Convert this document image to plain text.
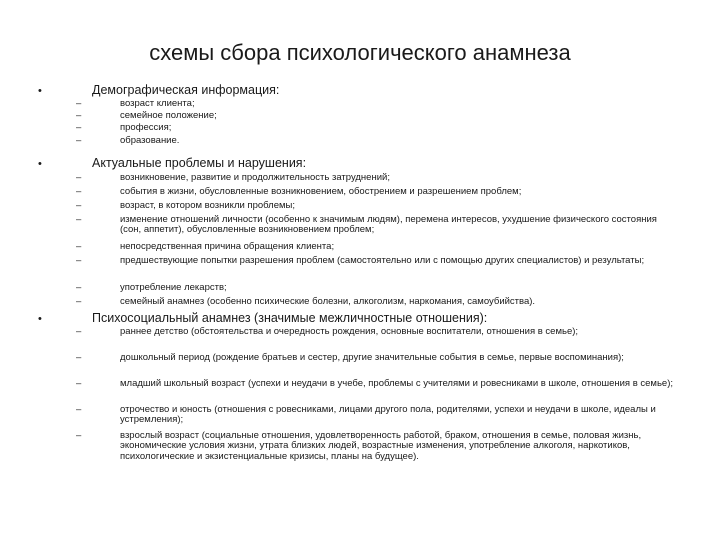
схемы сбора психологического анамнеза
•	Демографическая информация:
–	возраст клиента;
–	семейное положение;
–	профессия;
–	образование.
•	Актуальные проблемы и нарушения:
–	возникновение, развитие и продолжительность затруднений;
–	события в жизни, обусловленные возникновением, обострением и разрешением проблем;
–	возраст, в котором возникли проблемы;
–	изменение отношений личности (особенно к значимым людям), перемена интересов, ухудшение физического состояния (сон, аппетит), обусловленные возникновением проблем;
–	непосредственная причина обращения клиента;
–	предшествующие попытки разрешения проблем (самостоятельно или с помощью других специалистов) и результаты;
–	употребление лекарств;
–	семейный анамнез (особенно психические болезни, алкоголизм, наркомания, самоубийства).
•	Психосоциальный анамнез (значимые межличностные отношения):
–	раннее детство (обстоятельства и очередность рождения, основные воспитатели, отношения в семье);
–	дошкольный период (рождение братьев и сестер, другие значительные события в семье, первые воспоминания);
–	младший школьный возраст (успехи и неудачи в учебе, проблемы с учителями и ровесниками в школе, отношения в семье);
–	отрочество и юность (отношения с ровесниками, лицами другого пола, родителями, успехи и неудачи в школе, идеалы и устремления);
–	взрослый возраст (социальные отношения, удовлетворенность работой, браком, отношения в семье, половая жизнь, экономические условия жизни, утрата близких людей, возрастные изменения, употребление алкоголя, наркотиков, психологические и экзистенциальные кризисы, планы на будущее).
